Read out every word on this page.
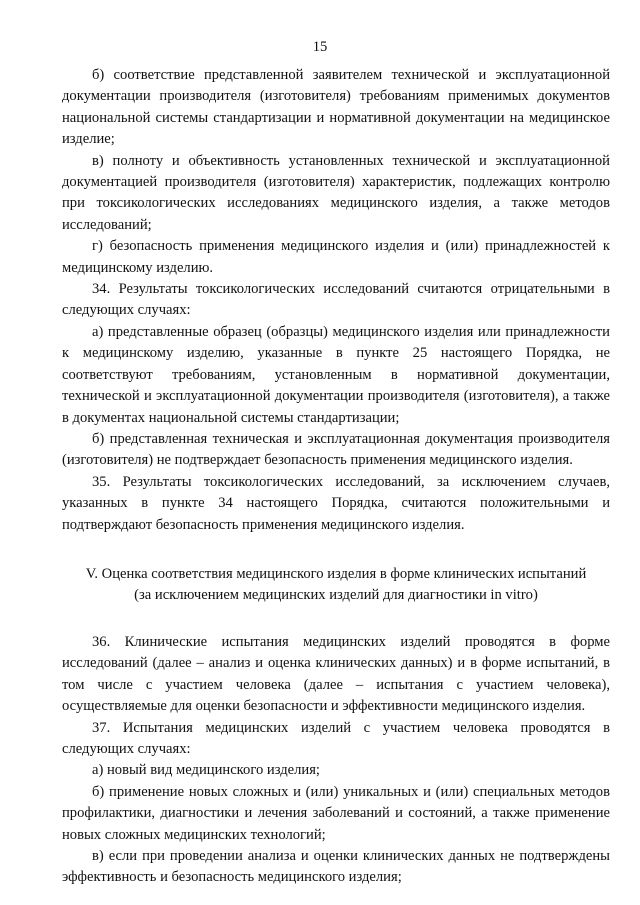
15

б) соответствие представленной заявителем технической и эксплуатационной документации производителя (изготовителя) требованиям применимых документов национальной системы стандартизации и нормативной документации на медицинское изделие;

в) полноту и объективность установленных технической и эксплуатационной документацией производителя (изготовителя) характеристик, подлежащих контролю при токсикологических исследованиях медицинского изделия, а также методов исследований;

г) безопасность применения медицинского изделия и (или) принадлежностей к медицинскому изделию.

34. Результаты токсикологических исследований считаются отрицательными в следующих случаях:

а) представленные образец (образцы) медицинского изделия или принадлежности к медицинскому изделию, указанные в пункте 25 настоящего Порядка, не соответствуют требованиям, установленным в нормативной документации, технической и эксплуатационной документации производителя (изготовителя), а также в документах национальной системы стандартизации;

б) представленная техническая и эксплуатационная документация производителя (изготовителя) не подтверждает безопасность применения медицинского изделия.

35. Результаты токсикологических исследований, за исключением случаев, указанных в пункте 34 настоящего Порядка, считаются положительными и подтверждают безопасность применения медицинского изделия.

V. Оценка соответствия медицинского изделия в форме клинических испытаний
(за исключением медицинских изделий для диагностики in vitro)

36. Клинические испытания медицинских изделий проводятся в форме исследований (далее – анализ и оценка клинических данных) и в форме испытаний, в том числе с участием человека (далее – испытания с участием человека), осуществляемые для оценки безопасности и эффективности медицинского изделия.

37. Испытания медицинских изделий с участием человека проводятся в следующих случаях:

а) новый вид медицинского изделия;

б) применение новых сложных и (или) уникальных и (или) специальных методов профилактики, диагностики и лечения заболеваний и состояний, а также применение новых сложных медицинских технологий;

в) если при проведении анализа и оценки клинических данных не подтверждены эффективность и безопасность медицинского изделия;
